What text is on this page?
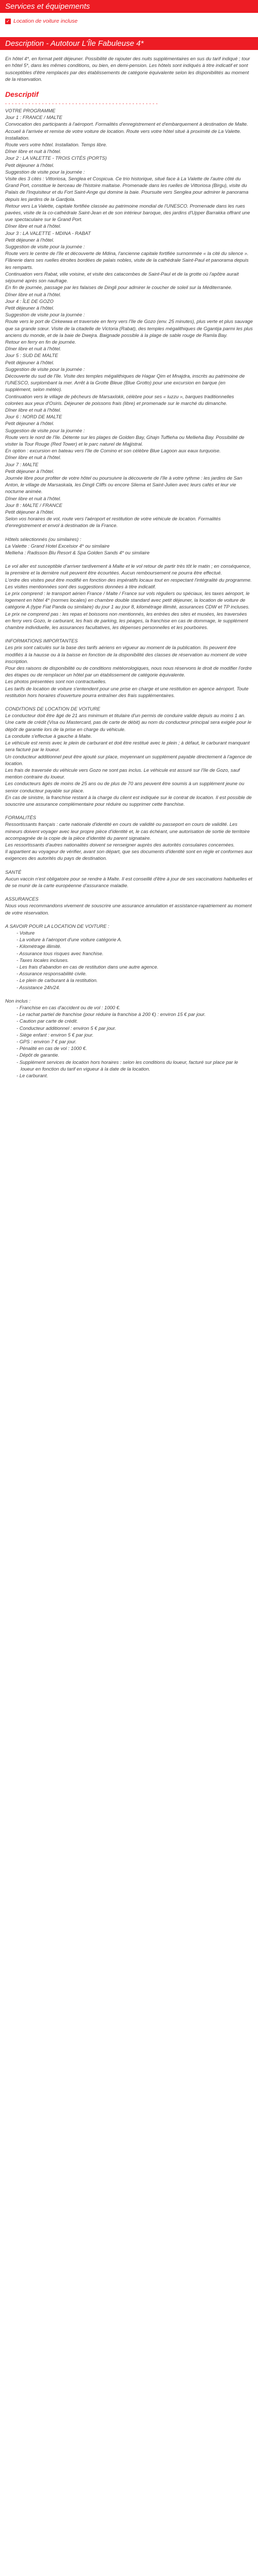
Services et équipements
✓ Location de voiture incluse
Description - Autotour L'Île Fabuleuse 4*

En hôtel 4*, en format petit déjeuner. Possibilité de rajouter des nuits supplémentaires en sus du tarif indiqué ; tour en hôtel 5*, dans les mêmes conditions, ou bien, en demi-pension. Les hôtels sont indiqués à titre indicatif et sont susceptibles d'être remplacés par des établissements de catégorie équivalente selon les disponibilités au moment de la réservation.

Descriptif
- - - - - - - - - - - - - - - - - - - - - - - - - - - - - - - - - - - - - - - - - - - - - -

VOTRE PROGRAMME

Jour 1 : FRANCE / MALTE

Convocation des participants à l'aéroport. Formalités d'enregistrement et d'embarquement à destination de Malte.

Accueil à l'arrivée et remise de votre voiture de location. Route vers votre hôtel situé à proximité de La Valette. Installation.

Route vers votre hôtel. Installation. Temps libre.

Dîner libre et nuit à l'hôtel.

Jour 2 : LA VALETTE - TROIS CITÉS (PORTS)

Petit déjeuner à l'hôtel.

Suggestion de visite pour la journée :

Visite des 3 cités : Vittoriosa, Senglea et Cospicua. Ce trio historique, situé face à La Valette de l'autre côté du Grand Port, constitue le berceau de l'histoire maltaise. Promenade dans les ruelles de Vittoriosa (Birgu), visite du Palais de l'Inquisiteur et du Fort Saint-Ange qui domine la baie. Poursuite vers Senglea pour admirer le panorama depuis les jardins de la Gardjola.

Retour vers La Valette, capitale fortifiée classée au patrimoine mondial de l'UNESCO. Promenade dans les rues pavées, visite de la co-cathédrale Saint-Jean et de son intérieur baroque, des jardins d'Upper Barrakka offrant une vue spectaculaire sur le Grand Port.

Dîner libre et nuit à l'hôtel.

Jour 3 : LA VALETTE - MDINA - RABAT

Petit déjeuner à l'hôtel.

Suggestion de visite pour la journée :

Route vers le centre de l'île et découverte de Mdina, l'ancienne capitale fortifiée surnommée « la cité du silence ». Flânerie dans ses ruelles étroites bordées de palais nobles, visite de la cathédrale Saint-Paul et panorama depuis les remparts.

Continuation vers Rabat, ville voisine, et visite des catacombes de Saint-Paul et de la grotte où l'apôtre aurait séjourné après son naufrage.

En fin de journée, passage par les falaises de Dingli pour admirer le coucher de soleil sur la Méditerranée.

Dîner libre et nuit à l'hôtel.

Jour 4 : ÎLE DE GOZO

Petit déjeuner à l'hôtel.

Suggestion de visite pour la journée :

Route vers le port de Cirkewwa et traversée en ferry vers l'île de Gozo (env. 25 minutes), plus verte et plus sauvage que sa grande sœur. Visite de la citadelle de Victoria (Rabat), des temples mégalithiques de Ggantija parmi les plus anciens du monde, et de la baie de Dwejra. Baignade possible à la plage de sable rouge de Ramla Bay.

Retour en ferry en fin de journée.

Dîner libre et nuit à l'hôtel.

Jour 5 : SUD DE MALTE

Petit déjeuner à l'hôtel.

Suggestion de visite pour la journée :

Découverte du sud de l'île. Visite des temples mégalithiques de Hagar Qim et Mnajdra, inscrits au patrimoine de l'UNESCO, surplombant la mer. Arrêt à la Grotte Bleue (Blue Grotto) pour une excursion en barque (en supplément, selon météo).

Continuation vers le village de pêcheurs de Marsaxlokk, célèbre pour ses « luzzu », barques traditionnelles colorées aux yeux d'Osiris. Déjeuner de poissons frais (libre) et promenade sur le marché du dimanche.

Dîner libre et nuit à l'hôtel.

Jour 6 : NORD DE MALTE

Petit déjeuner à l'hôtel.

Suggestion de visite pour la journée :

Route vers le nord de l'île. Détente sur les plages de Golden Bay, Ghajn Tuffieha ou Mellieha Bay. Possibilité de visiter la Tour Rouge (Red Tower) et le parc naturel de Majjistral.

En option : excursion en bateau vers l'île de Comino et son célèbre Blue Lagoon aux eaux turquoise.

Dîner libre et nuit à l'hôtel.

Jour 7 : MALTE

Petit déjeuner à l'hôtel.

Journée libre pour profiter de votre hôtel ou poursuivre la découverte de l'île à votre rythme : les jardins de San Anton, le village de Marsaskala, les Dingli Cliffs ou encore Sliema et Saint-Julien avec leurs cafés et leur vie nocturne animée.

Dîner libre et nuit à l'hôtel.

Jour 8 : MALTE / FRANCE

Petit déjeuner à l'hôtel.

Selon vos horaires de vol, route vers l'aéroport et restitution de votre véhicule de location. Formalités d'enregistrement et envol à destination de la France.

Hôtels sélectionnés (ou similaires) :

La Valette : Grand Hotel Excelsior 4* ou similaire

Mellieha : Radisson Blu Resort & Spa Golden Sands 4* ou similaire

Le vol aller est susceptible d'arriver tardivement à Malte et le vol retour de partir très tôt le matin ; en conséquence, la première et la dernière nuit peuvent être écourtées. Aucun remboursement ne pourra être effectué.

L'ordre des visites peut être modifié en fonction des impératifs locaux tout en respectant l'intégralité du programme. Les visites mentionnées sont des suggestions données à titre indicatif.

Le prix comprend : le transport aérien France / Malte / France sur vols réguliers ou spéciaux, les taxes aéroport, le logement en hôtel 4* (normes locales) en chambre double standard avec petit déjeuner, la location de voiture de catégorie A (type Fiat Panda ou similaire) du jour 1 au jour 8, kilométrage illimité, assurances CDW et TP incluses.

Le prix ne comprend pas : les repas et boissons non mentionnés, les entrées des sites et musées, les traversées en ferry vers Gozo, le carburant, les frais de parking, les péages, la franchise en cas de dommage, le supplément chambre individuelle, les assurances facultatives, les dépenses personnelles et les pourboires.

INFORMATIONS IMPORTANTES

Les prix sont calculés sur la base des tarifs aériens en vigueur au moment de la publication. Ils peuvent être modifiés à la hausse ou à la baisse en fonction de la disponibilité des classes de réservation au moment de votre inscription.

Pour des raisons de disponibilité ou de conditions météorologiques, nous nous réservons le droit de modifier l'ordre des étapes ou de remplacer un hôtel par un établissement de catégorie équivalente.

Les photos présentées sont non contractuelles.

Les tarifs de location de voiture s'entendent pour une prise en charge et une restitution en agence aéroport. Toute restitution hors horaires d'ouverture pourra entraîner des frais supplémentaires.

CONDITIONS DE LOCATION DE VOITURE

Le conducteur doit être âgé de 21 ans minimum et titulaire d'un permis de conduire valide depuis au moins 1 an. Une carte de crédit (Visa ou Mastercard, pas de carte de débit) au nom du conducteur principal sera exigée pour le dépôt de garantie lors de la prise en charge du véhicule.

La conduite s'effectue à gauche à Malte.

Le véhicule est remis avec le plein de carburant et doit être restitué avec le plein ; à défaut, le carburant manquant sera facturé par le loueur.

Un conducteur additionnel peut être ajouté sur place, moyennant un supplément payable directement à l'agence de location.

Les frais de traversée du véhicule vers Gozo ne sont pas inclus. Le véhicule est assuré sur l'île de Gozo, sauf mention contraire du loueur.

Les conducteurs âgés de moins de 25 ans ou de plus de 70 ans peuvent être soumis à un supplément jeune ou senior conducteur payable sur place.

En cas de sinistre, la franchise restant à la charge du client est indiquée sur le contrat de location. Il est possible de souscrire une assurance complémentaire pour réduire ou supprimer cette franchise.

FORMALITÉS

Ressortissants français : carte nationale d'identité en cours de validité ou passeport en cours de validité. Les mineurs doivent voyager avec leur propre pièce d'identité et, le cas échéant, une autorisation de sortie de territoire accompagnée de la copie de la pièce d'identité du parent signataire.

Les ressortissants d'autres nationalités doivent se renseigner auprès des autorités consulaires concernées.

Il appartient au voyageur de vérifier, avant son départ, que ses documents d'identité sont en règle et conformes aux exigences des autorités du pays de destination.

SANTÉ

Aucun vaccin n'est obligatoire pour se rendre à Malte. Il est conseillé d'être à jour de ses vaccinations habituelles et de se munir de la carte européenne d'assurance maladie.

ASSURANCES

Nous vous recommandons vivement de souscrire une assurance annulation et assistance-rapatriement au moment de votre réservation.

A SAVOIR POUR LA LOCATION DE VOITURE :

- Voiture

- La voiture à l'aéroport d'une voiture catégorie A.

- Kilométrage illimité.

- Assurance tous risques avec franchise.

- Taxes locales incluses.

- Les frais d'abandon en cas de restitution dans une autre agence.

- Assurance responsabilité civile.

- Le plein de carburant à la restitution.

- Assistance 24h/24.

Non inclus :

- Franchise en cas d'accident ou de vol : 1000 €.

- Le rachat partiel de franchise (pour réduire la franchise à 200 €) : environ 15 € par jour.

- Caution par carte de crédit.

- Conducteur additionnel : environ 5 € par jour.

- Siège enfant : environ 5 € par jour.

- GPS : environ 7 € par jour.

- Pénalité en cas de vol : 1000 €.

- Dépôt de garantie.

- Supplément services de location hors horaires : selon les conditions du loueur, facturé sur place par le loueur en fonction du tarif en vigueur à la date de la location.

- Le carburant.
